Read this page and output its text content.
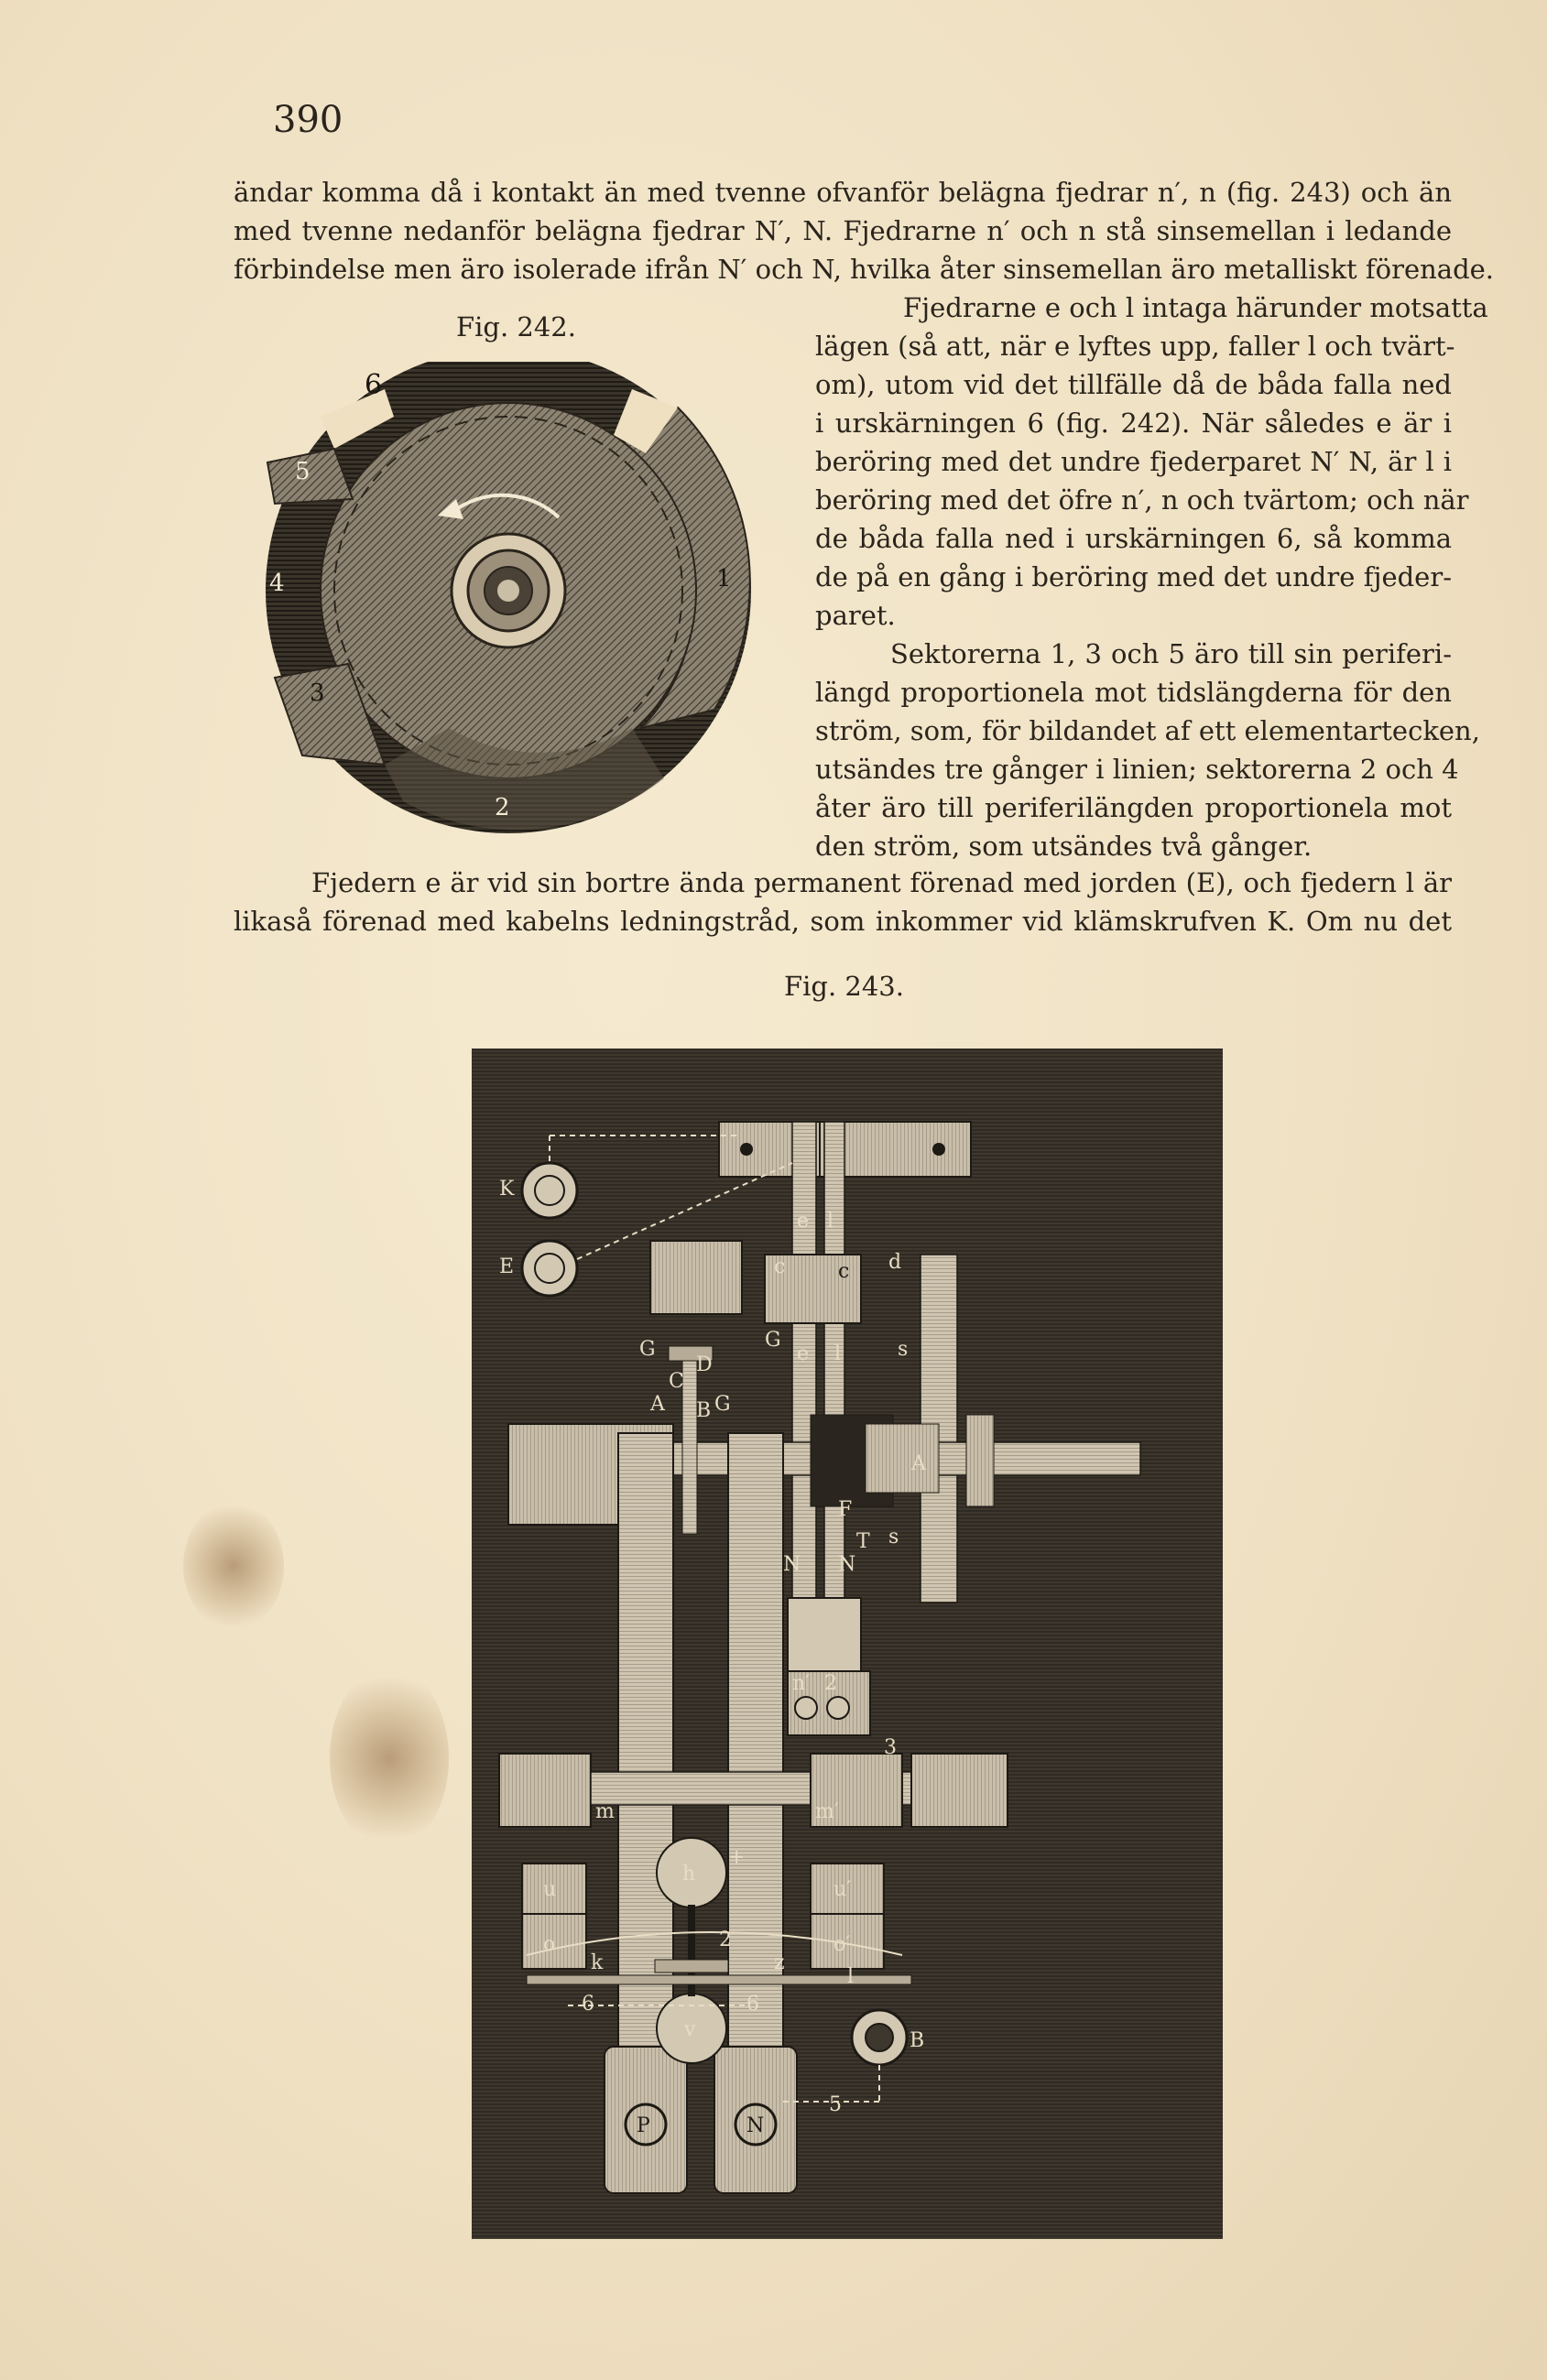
390
ändar komma då i kontakt än med tvenne ofvanför belägna fjedrar n′, n (fig. 243) och än
med tvenne nedanför belägna fjedrar N′, N. Fjedrarne n′ och n stå sinsemellan i ledande
förbindelse men äro isolerade ifrån N′ och N, hvilka åter sinsemellan äro metalliskt förenade.
Fjedrarne e och l intaga härunder motsatta
lägen (så att, när e lyftes upp, faller l och tvärt-
om), utom vid det tillfälle då de båda falla ned
i urskärningen 6 (fig. 242). När således e är i
beröring med det undre fjederparet N′ N, är l i
beröring med det öfre n′, n och tvärtom; och när
de båda falla ned i urskärningen 6, så komma
de på en gång i beröring med det undre fjeder-
paret.
Sektorerna 1, 3 och 5 äro till sin periferi-
längd proportionela mot tidslängderna för den
ström, som, för bildandet af ett elementartecken,
utsändes tre gånger i linien; sektorerna 2 och 4
åter äro till periferilängden proportionela mot
den ström, som utsändes två gånger.
Fjedern e är vid sin bortre ända permanent förenad med jorden (E), och fjedern l är
likaså förenad med kabelns ledningstråd, som inkommer vid klämskrufven K. Om nu det
Fig. 242.
6
5
4
3
2
1
Fig. 243.
K
E
G	G
G
C
D
A B
e l
c	d
e l	s
s
F
T
A
N N
n′ 2
3
m	m′
u
o
u′
o′
h
v
k	z
2
6	6
5
l
B
+
P	N
c
